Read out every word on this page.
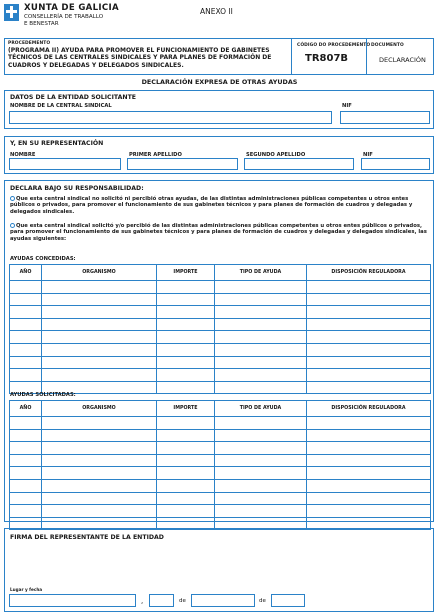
XUNTA DE GALICIA
CONSELLERÍA DE TRABALLO
E BENESTAR
ANEXO II
PROCEDEMENTO
(PROGRAMA II) AYUDA PARA PROMOVER EL FUNCIONAMIENTO DE GABINETES TÉCNICOS DE LAS CENTRALES SINDICALES Y PARA PLANES DE FORMACIÓN DE CUADROS Y DELEGADAS Y DELEGADOS SINDICALES.
CÓDIGO DO PROCEDEMENTO
TR807B
DOCUMENTO
DECLARACIÓN
DECLARACIÓN EXPRESA DE OTRAS AYUDAS
DATOS DE LA ENTIDAD SOLICITANTE
NOMBRE DE LA CENTRAL SINDICAL	NIF
Y, EN SU REPRESENTACIÓN
NOMBRE	PRIMER APELLIDO	SEGUNDO APELLIDO	NIF
DECLARA BAJO SU RESPONSABILIDAD:
Que esta central sindical no solicitó ni percibió otras ayudas, de las distintas administraciones públicas competentes u otros entes públicos o privados, para promover el funcionamiento de sus gabinetes técnicos y para planes de formación de cuadros y delegadas y delegados sindicales.
Que esta central sindical solicitó y/o percibió de las distintas administraciones públicas competentes u otros entes públicos o privados, para promover el funcionamiento de sus gabinetes técnicos y para planes de formación de cuadros y delegadas y delegados sindicales, las ayudas siguientes:
AYUDAS CONCEDIDAS:
AÑO	ORGANISMO	IMPORTE	TIPO DE AYUDA	DISPOSICIÓN REGULADORA

AYUDAS SOLICITADAS:
AÑO	ORGANISMO	IMPORTE	TIPO DE AYUDA	DISPOSICIÓN REGULADORA

FIRMA DEL REPRESENTANTE DE LA ENTIDAD
Lugar y fecha
,	de	de
